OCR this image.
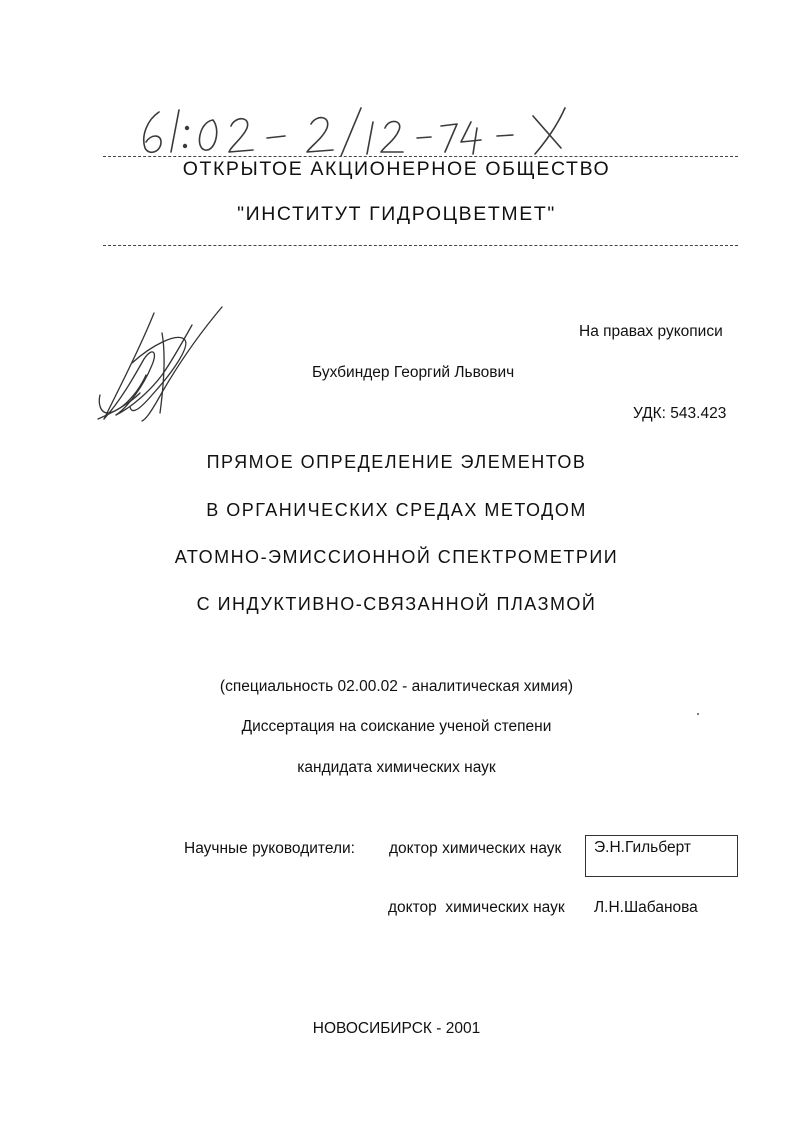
ОТКРЫТОЕ АКЦИОНЕРНОЕ ОБЩЕСТВО
"ИНСТИТУТ ГИДРОЦВЕТМЕТ"
На правах рукописи
Бухбиндер Георгий Львович
УДК: 543.423
ПРЯМОЕ ОПРЕДЕЛЕНИЕ ЭЛЕМЕНТОВ
В ОРГАНИЧЕСКИХ СРЕДАХ МЕТОДОМ
АТОМНО-ЭМИССИОННОЙ СПЕКТРОМЕТРИИ
С ИНДУКТИВНО-СВЯЗАННОЙ ПЛАЗМОЙ
(специальность 02.00.02 - аналитическая химия)
Диссертация на соискание ученой степени
кандидата химических наук
Научные руководители: доктор химических наук Э.Н.Гильберт
доктор  химических наук Л.Н.Шабанова
НОВОСИБИРСК - 2001
